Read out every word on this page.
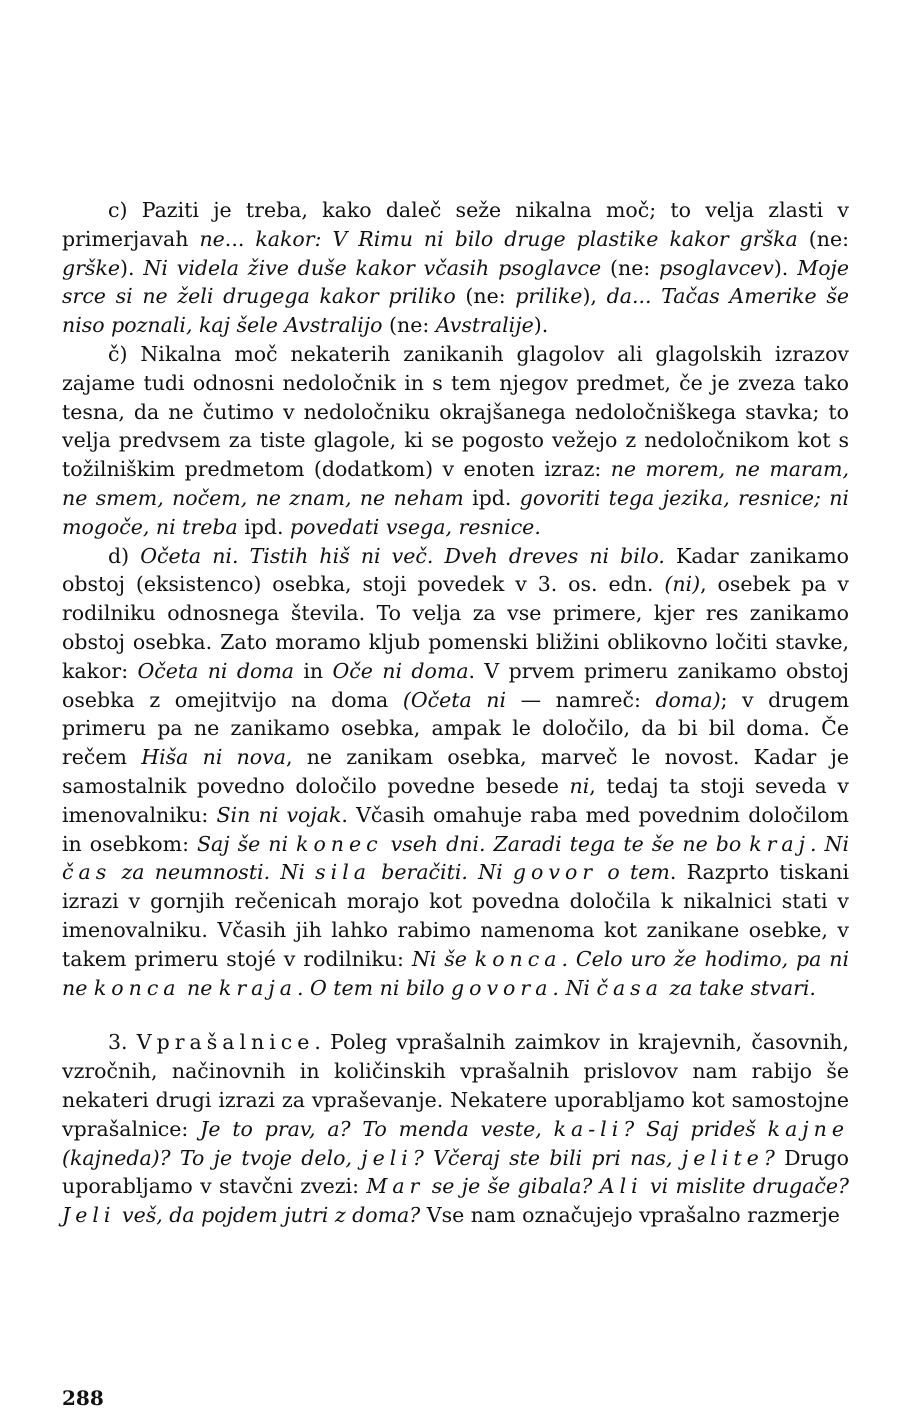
c) Paziti je treba, kako daleč seže nikalna moč; to velja zlasti v primerjavah ne... kakor: V Rimu ni bilo druge plastike kakor grška (ne: grške). Ni videla žive duše kakor včasih psoglavce (ne: psoglavcev). Moje srce si ne želi drugega kakor priliko (ne: prilike), da... Tačas Amerike še niso poznali, kaj šele Avstralijo (ne: Avstralije).

č) Nikalna moč nekaterih zanikanih glagolov ali glagolskih izrazov zajame tudi odnosni nedoločnik in s tem njegov predmet, če je zveza tako tesna, da ne čutimo v nedoločniku okrajšanega nedoločniškega stavka; to velja predvsem za tiste glagole, ki se pogosto vežejo z nedoločnikom kot s tožilniškim predmetom (dodatkom) v enoten izraz: ne morem, ne maram, ne smem, nočem, ne znam, ne neham ipd. govoriti tega jezika, resnice; ni mogoče, ni treba ipd. povedati vsega, resnice.

d) Očeta ni. Tistih hiš ni več. Dveh dreves ni bilo. Kadar zanikamo obstoj (eksistenco) osebka, stoji povedek v 3. os. edn. (ni), osebek pa v rodilniku odnosnega števila. To velja za vse primere, kjer res zanikamo obstoj osebka. Zato moramo kljub pomenski bližini oblikovno ločiti stavke, kakor: Očeta ni doma in Oče ni doma. V prvem primeru zanikamo obstoj osebka z omejitvijo na doma (Očeta ni — namreč: doma); v drugem primeru pa ne zanikamo osebka, ampak le določilo, da bi bil doma. Če rečem Hiša ni nova, ne zanikam osebka, marveč le novost. Kadar je samostalnik povedno določilo povedne besede ni, tedaj ta stoji seveda v imenovalniku: Sin ni vojak. Včasih omahuje raba med povednim določilom in osebkom: Saj še ni konec vseh dni. Zaradi tega te še ne bo kraj. Ni čas za neumnosti. Ni sila beračiti. Ni govor o tem. Razprto tiskani izrazi v gornjih rečenicah morajo kot povedna določila k nikalnici stati v imenovalniku. Včasih jih lahko rabimo namenoma kot zanikane osebke, v takem primeru stojé v rodilniku: Ni še konca. Celo uro že hodimo, pa ni ne konca ne kraja. O tem ni bilo govora. Ni časa za take stvari.

3. Vprašalnice. Poleg vprašalnih zaimkov in krajevnih, časovnih, vzročnih, načinovnih in količinskih vprašalnih prislovov nam rabijo še nekateri drugi izrazi za vpraševanje. Nekatere uporabljamo kot samostojne vprašalnice: Je to prav, a? To menda veste, ka-li? Saj prideš kajne (kajneda)? To je tvoje delo, jeli? Včeraj ste bili pri nas, jelite? Drugo uporabljamo v stavčni zvezi: Mar se je še gibala? Ali vi mislite drugače? Jeli veš, da pojdem jutri z doma? Vse nam označujejo vprašalno razmerje

288
